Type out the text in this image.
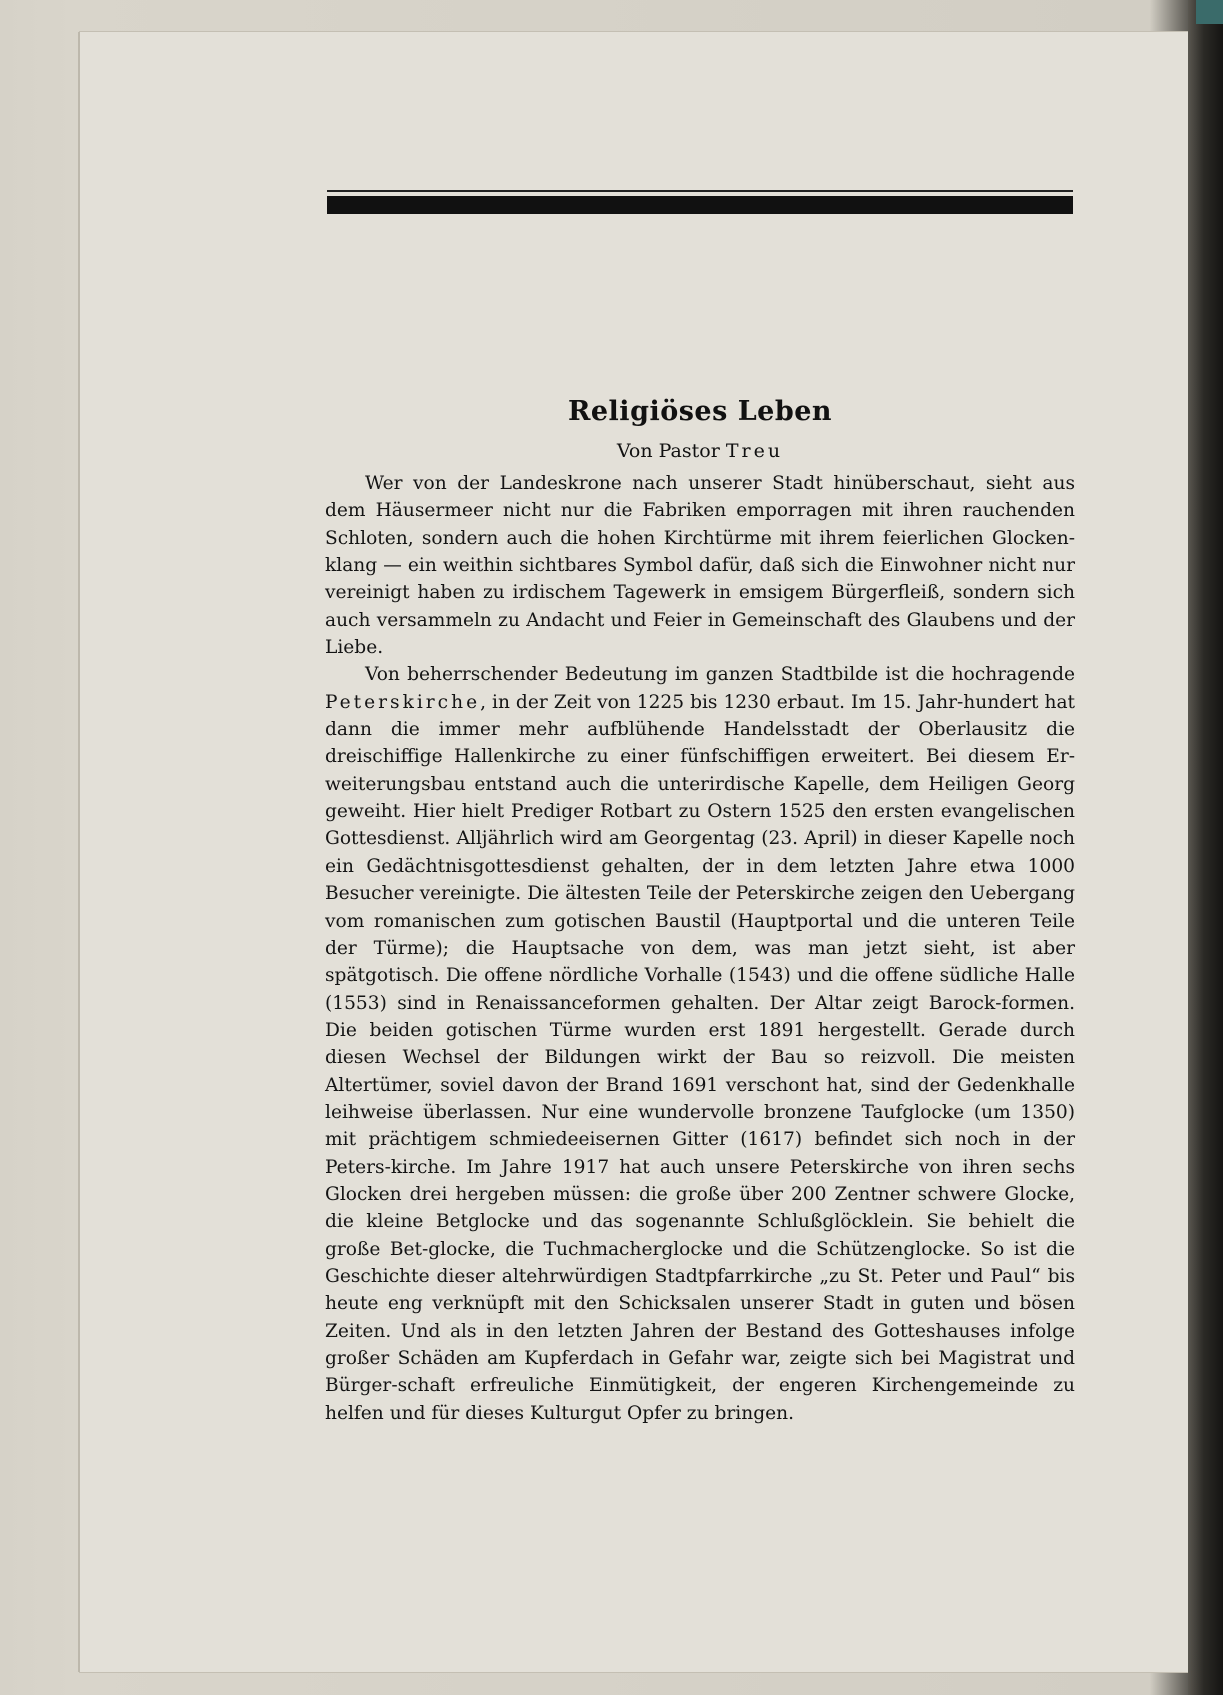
Religiöses Leben
Von Pastor Treu

Wer von der Landeskrone nach unserer Stadt hinüberschaut, sieht aus dem Häusermeer nicht nur die Fabriken emporragen mit ihren rauchenden Schloten, sondern auch die hohen Kirchtürme mit ihrem feierlichen Glocken‐klang — ein weithin sichtbares Symbol dafür, daß sich die Einwohner nicht nur vereinigt haben zu irdischem Tagewerk in emsigem Bürgerfleiß, sondern sich auch versammeln zu Andacht und Feier in Gemeinschaft des Glaubens und der Liebe.

Von beherrschender Bedeutung im ganzen Stadtbilde ist die hochragende Peterskirche, in der Zeit von 1225 bis 1230 erbaut. Im 15. Jahr‐hundert hat dann die immer mehr aufblühende Handelsstadt der Oberlausitz die dreischiffige Hallenkirche zu einer fünfschiffigen erweitert. Bei diesem Er‐weiterungsbau entstand auch die unterirdische Kapelle, dem Heiligen Georg geweiht. Hier hielt Prediger Rotbart zu Ostern 1525 den ersten evangelischen Gottesdienst. Alljährlich wird am Georgentag (23. April) in dieser Kapelle noch ein Gedächtnisgottesdienst gehalten, der in dem letzten Jahre etwa 1000 Besucher vereinigte. Die ältesten Teile der Peterskirche zeigen den Uebergang vom romanischen zum gotischen Baustil (Hauptportal und die unteren Teile der Türme); die Hauptsache von dem, was man jetzt sieht, ist aber spätgotisch. Die offene nördliche Vorhalle (1543) und die offene südliche Halle (1553) sind in Renaissanceformen gehalten. Der Altar zeigt Barock‐formen. Die beiden gotischen Türme wurden erst 1891 hergestellt. Gerade durch diesen Wechsel der Bildungen wirkt der Bau so reizvoll. Die meisten Altertümer, soviel davon der Brand 1691 verschont hat, sind der Gedenkhalle leihweise überlassen. Nur eine wundervolle bronzene Taufglocke (um 1350) mit prächtigem schmiedeeisernen Gitter (1617) befindet sich noch in der Peters‐kirche. Im Jahre 1917 hat auch unsere Peterskirche von ihren sechs Glocken drei hergeben müssen: die große über 200 Zentner schwere Glocke, die kleine Betglocke und das sogenannte Schlußglöcklein. Sie behielt die große Bet‐glocke, die Tuchmacherglocke und die Schützenglocke. So ist die Geschichte dieser altehrwürdigen Stadtpfarrkirche „zu St. Peter und Paul“ bis heute eng verknüpft mit den Schicksalen unserer Stadt in guten und bösen Zeiten. Und als in den letzten Jahren der Bestand des Gotteshauses infolge großer Schäden am Kupferdach in Gefahr war, zeigte sich bei Magistrat und Bürger‐schaft erfreuliche Einmütigkeit, der engeren Kirchengemeinde zu helfen und für dieses Kulturgut Opfer zu bringen.
